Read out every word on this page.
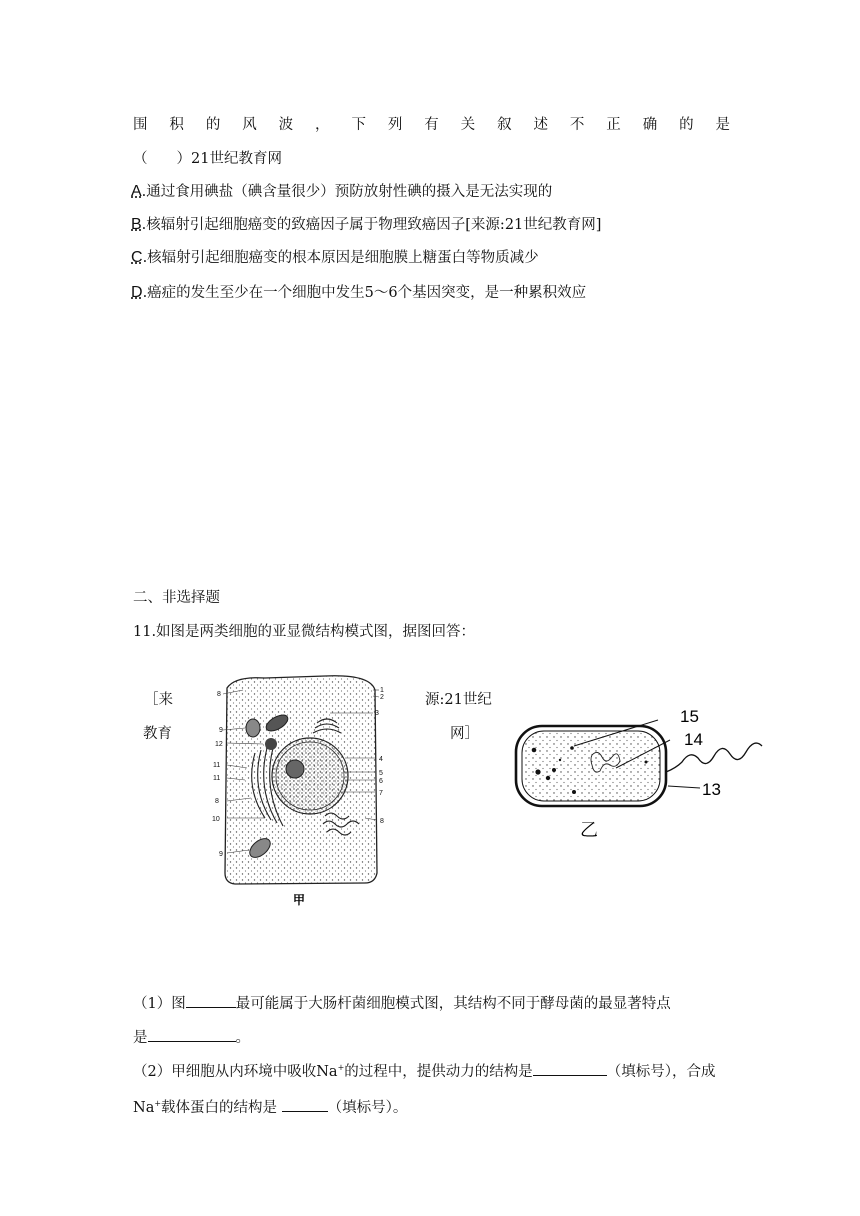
围 积 的 风 波 ， 下 列 有 关 叙 述 不 正 确 的 是
（　　）21世纪教育网
A.通过食用碘盐（碘含量很少）预防放射性碘的摄入是无法实现的
B.核辐射引起细胞癌变的致癌因子属于物理致癌因子[来源:21世纪教育网]
C.核辐射引起细胞癌变的根本原因是细胞膜上糖蛋白等物质减少
D.癌症的发生至少在一个细胞中发生5～6个基因突变，是一种累积效应
二、非选择题
11.如图是两类细胞的亚显微结构模式图，据图回答：
［来
教育
源:21世纪
网］
8
9
12
11
11
8
10
9
1
2
3
4
5
6
7
8
甲
15
14
13
乙
（1）图	最可能属于大肠杆菌细胞模式图，其结构不同于酵母菌的最显著特点
是	。
（2）甲细胞从内环境中吸收Na+的过程中，提供动力的结构是	（填标号），合成
Na+载体蛋白的结构是	（填标号）。
